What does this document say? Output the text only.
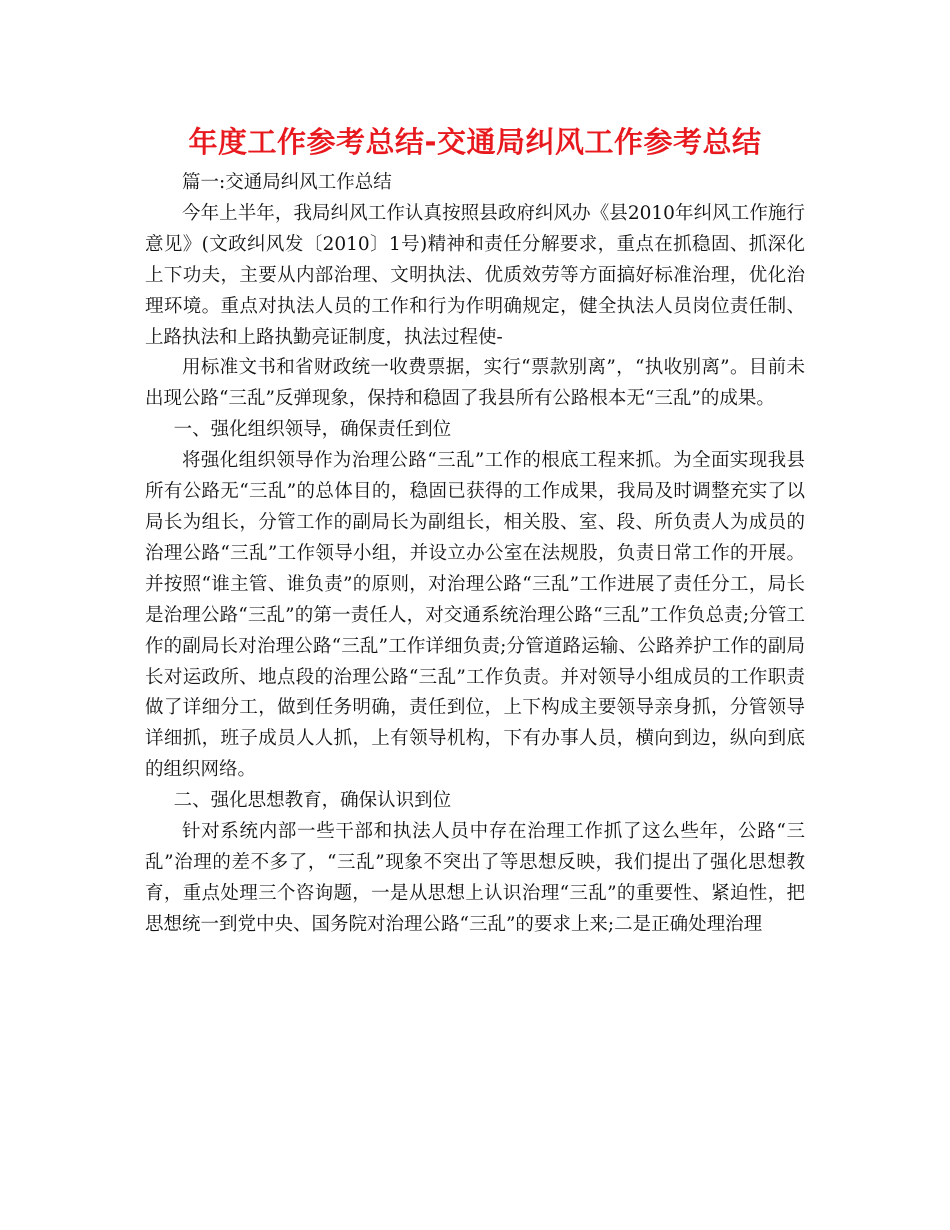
年度工作参考总结-交通局纠风工作参考总结

篇一:交通局纠风工作总结

今年上半年，我局纠风工作认真按照县政府纠风办《县2010年纠风工作施行意见》(文政纠风发〔2010〕1号)精神和责任分解要求，重点在抓稳固、抓深化上下功夫，主要从内部治理、文明执法、优质效劳等方面搞好标准治理，优化治理环境。重点对执法人员的工作和行为作明确规定，健全执法人员岗位责任制、上路执法和上路执勤亮证制度，执法过程使-

用标准文书和省财政统一收费票据，实行“票款别离”，“执收别离”。目前未出现公路“三乱”反弹现象，保持和稳固了我县所有公路根本无“三乱”的成果。

一、强化组织领导，确保责任到位

将强化组织领导作为治理公路“三乱”工作的根底工程来抓。为全面实现我县所有公路无“三乱”的总体目的，稳固已获得的工作成果，我局及时调整充实了以局长为组长，分管工作的副局长为副组长，相关股、室、段、所负责人为成员的治理公路“三乱”工作领导小组，并设立办公室在法规股，负责日常工作的开展。并按照“谁主管、谁负责”的原则，对治理公路“三乱”工作进展了责任分工，局长是治理公路“三乱”的第一责任人，对交通系统治理公路“三乱”工作负总责;分管工作的副局长对治理公路“三乱”工作详细负责;分管道路运输、公路养护工作的副局长对运政所、地点段的治理公路“三乱”工作负责。并对领导小组成员的工作职责做了详细分工，做到任务明确，责任到位，上下构成主要领导亲身抓，分管领导详细抓，班子成员人人抓，上有领导机构，下有办事人员，横向到边，纵向到底的组织网络。

二、强化思想教育，确保认识到位

针对系统内部一些干部和执法人员中存在治理工作抓了这么些年，公路“三乱”治理的差不多了，“三乱”现象不突出了等思想反映，我们提出了强化思想教育，重点处理三个咨询题，一是从思想上认识治理“三乱”的重要性、紧迫性，把思想统一到党中央、国务院对治理公路“三乱”的要求上来;二是正确处理治理
